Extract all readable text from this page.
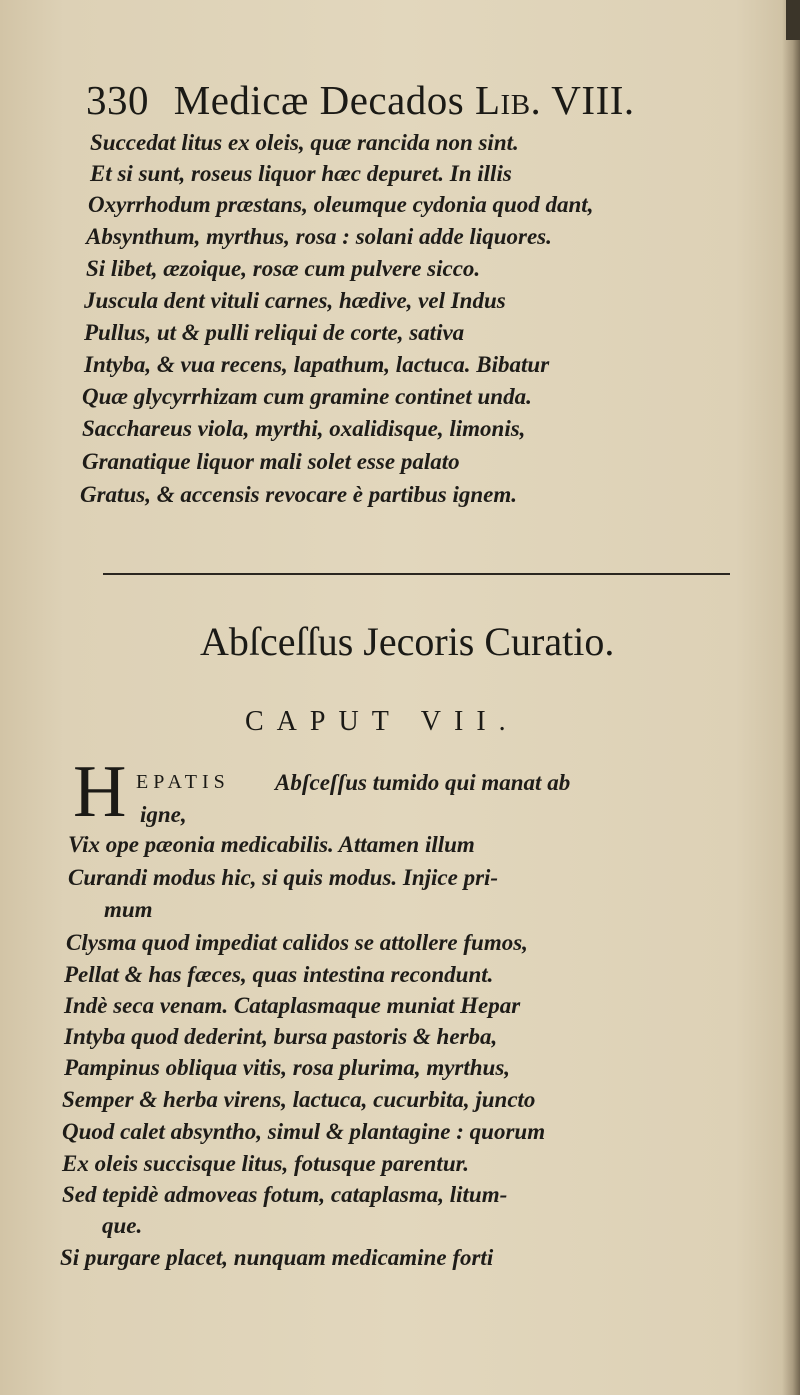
330 Medicæ Decados Lib. VIII.
Succedat litus ex oleis, quæ rancida non sint.
Et si sunt, roseus liquor hæc depuret. In illis
Oxyrrhodum præstans, oleumque cydonia quod dant,
Absynthum, myrthus, rosa : solani adde liquores.
Si libet, æzoique, rosæ cum pulvere sicco.
Juscula dent vituli carnes, hædive, vel Indus
Pullus, ut & pulli reliqui de corte, sativa
Intyba, & vua recens, lapathum, lactuca. Bibatur
Quæ glycyrrhizam cum gramine continet unda.
Sacchareus viola, myrthi, oxalidisque, limonis,
Granatique liquor mali solet esse palato
Gratus, & accensis revocare è partibus ignem.
Abſceſſus Jecoris Curatio.
CAPUT VII.
H EPATIS Abſceſſus tumido qui manat ab
igne,
Vix ope pæonia medicabilis. Attamen illum
Curandi modus hic, si quis modus. Injice pri-
mum
Clysma quod impediat calidos se attollere fumos,
Pellat & has fæces, quas intestina recondunt.
Indè seca venam. Cataplasmaque muniat Hepar
Intyba quod dederint, bursa pastoris & herba,
Pampinus obliqua vitis, rosa plurima, myrthus,
Semper & herba virens, lactuca, cucurbita, juncto
Quod calet absyntho, simul & plantagine : quorum
Ex oleis succisque litus, fotusque parentur.
Sed tepidè admoveas fotum, cataplasma, litum-
que.
Si purgare placet, nunquam medicamine forti
